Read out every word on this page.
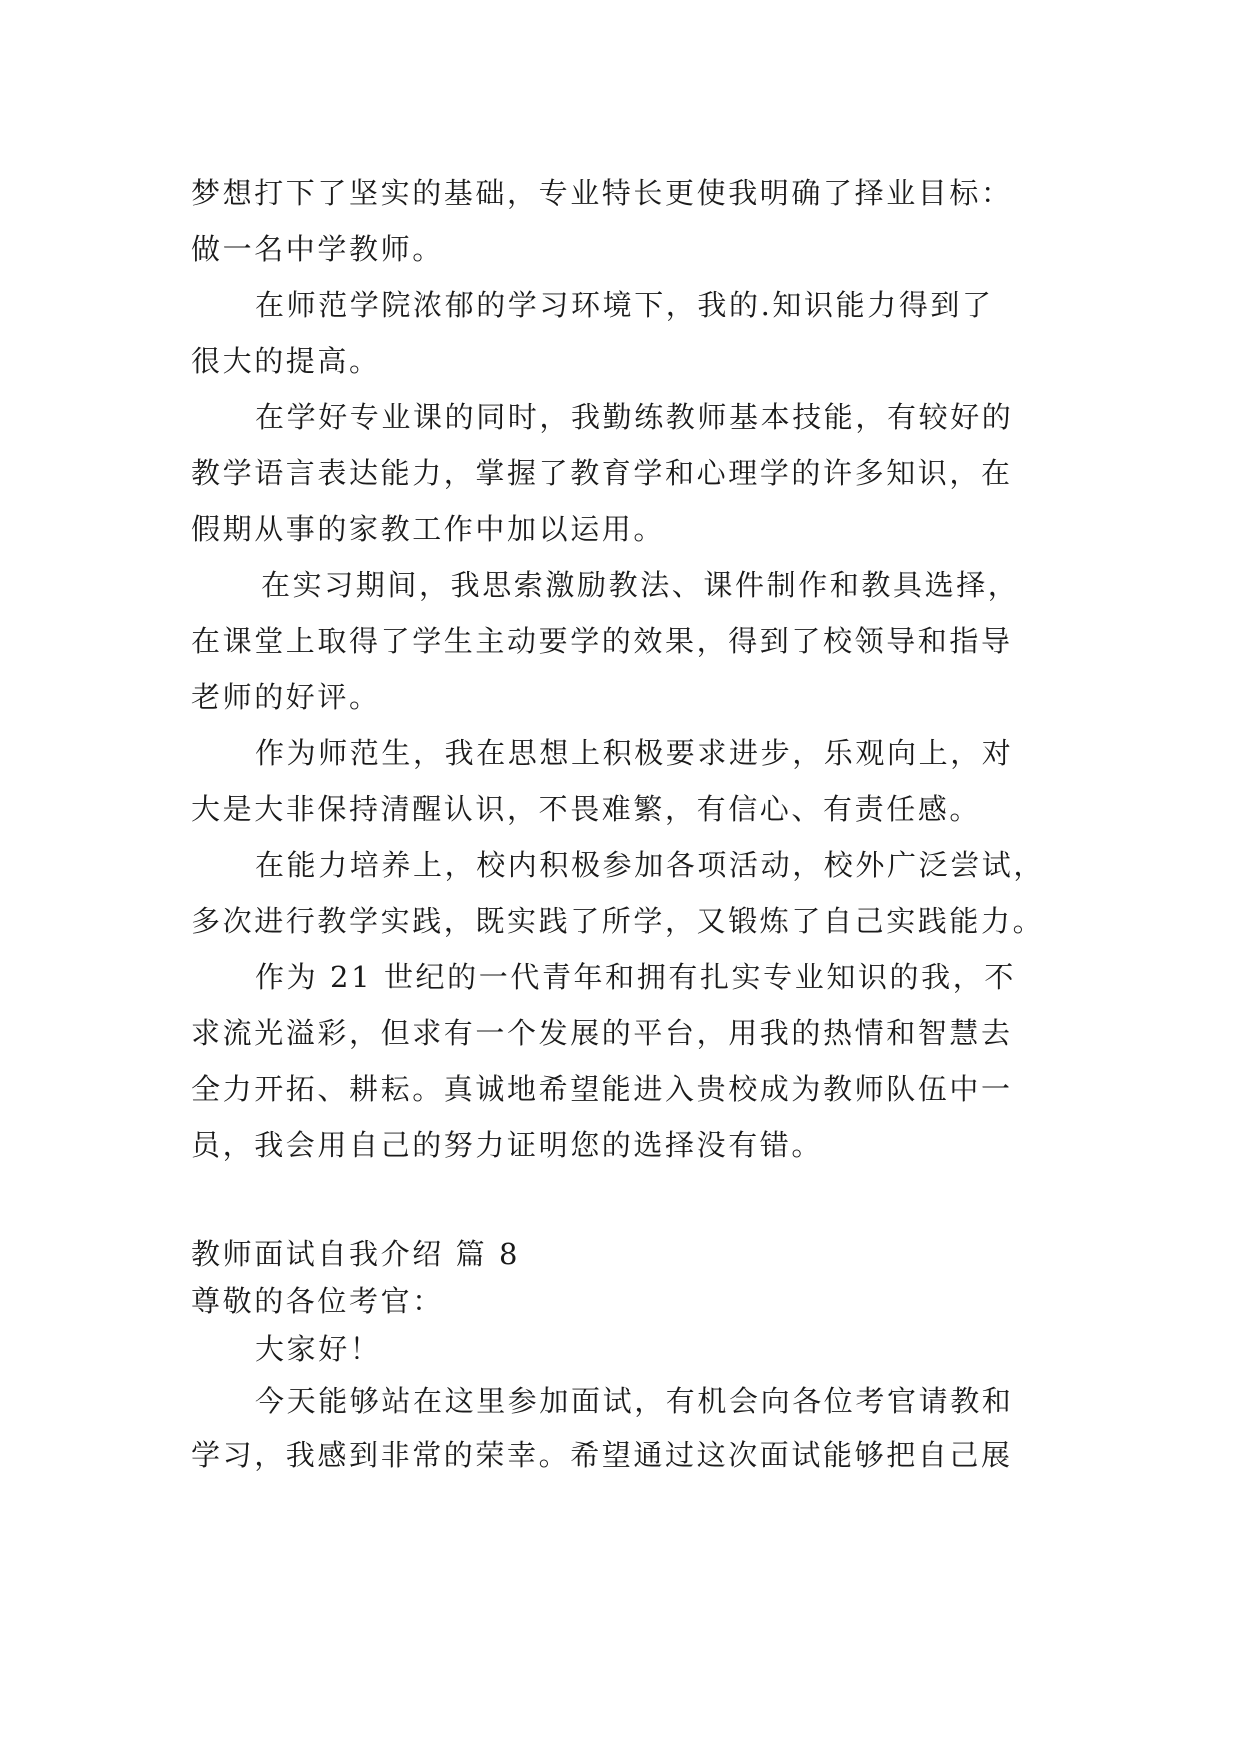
梦想打下了坚实的基础，专业特长更使我明确了择业目标：

做一名中学教师。

在师范学院浓郁的学习环境下，我的.知识能力得到了

很大的提高。

在学好专业课的同时，我勤练教师基本技能，有较好的

教学语言表达能力，掌握了教育学和心理学的许多知识，在

假期从事的家教工作中加以运用。

在实习期间，我思索激励教法、课件制作和教具选择，

在课堂上取得了学生主动要学的效果，得到了校领导和指导

老师的好评。

作为师范生，我在思想上积极要求进步，乐观向上，对

大是大非保持清醒认识，不畏难繁，有信心、有责任感。

在能力培养上，校内积极参加各项活动，校外广泛尝试，

多次进行教学实践，既实践了所学，又锻炼了自己实践能力。

作为 21 世纪的一代青年和拥有扎实专业知识的我，不

求流光溢彩，但求有一个发展的平台，用我的热情和智慧去

全力开拓、耕耘。真诚地希望能进入贵校成为教师队伍中一

员，我会用自己的努力证明您的选择没有错。

教师面试自我介绍 篇 8

尊敬的各位考官：

大家好！

今天能够站在这里参加面试，有机会向各位考官请教和

学习，我感到非常的荣幸。希望通过这次面试能够把自己展
